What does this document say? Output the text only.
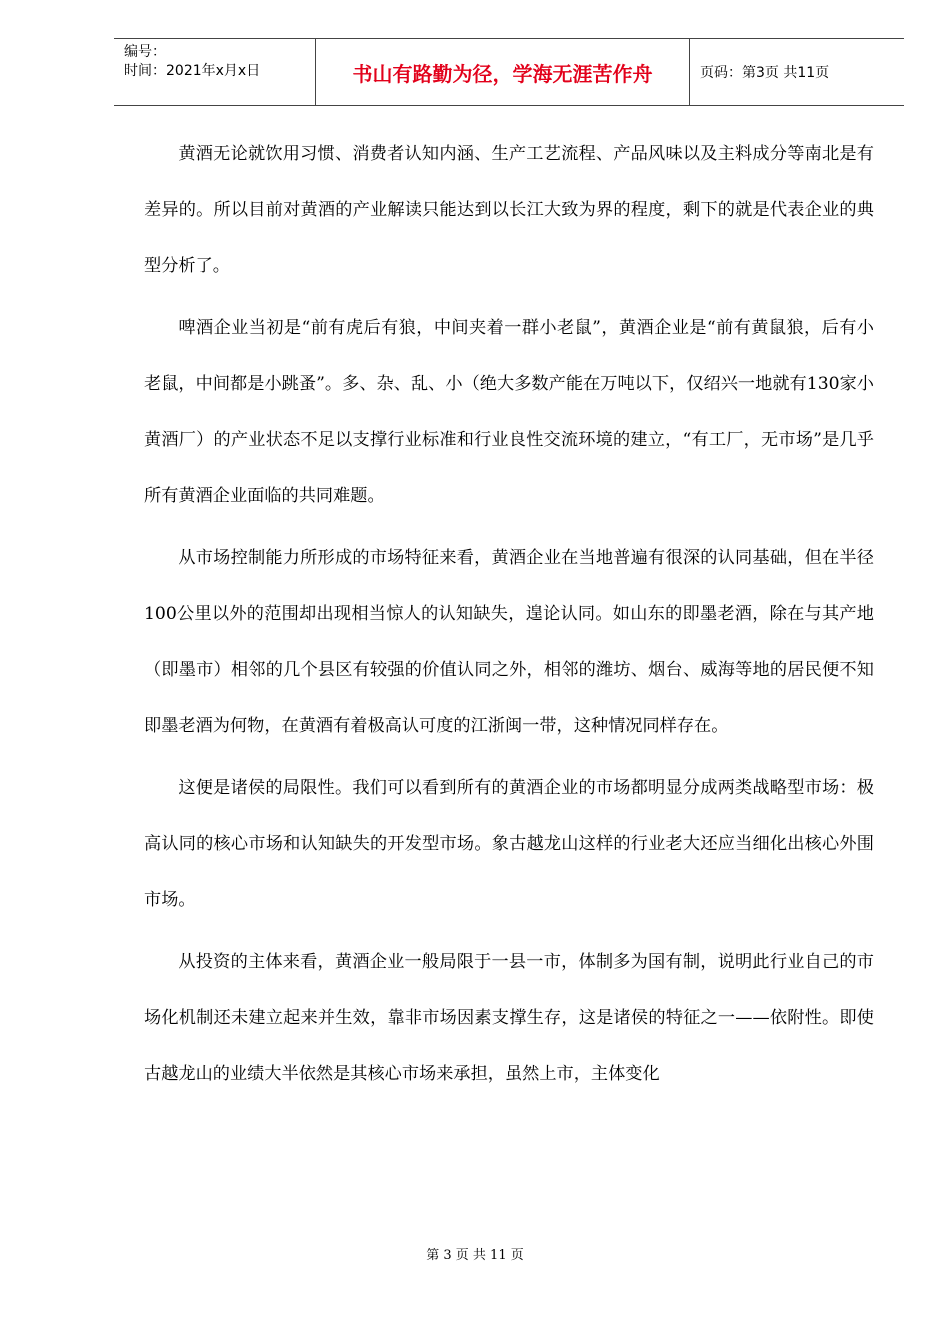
编号：
时间：2021年x月x日	书山有路勤为径，学海无涯苦作舟	页码：第3页 共11页

黄酒无论就饮用习惯、消费者认知内涵、生产工艺流程、产品风味以及主料成分等南北是有差异的。所以目前对黄酒的产业解读只能达到以长江大致为界的程度，剩下的就是代表企业的典型分析了。

啤酒企业当初是“前有虎后有狼，中间夹着一群小老鼠”，黄酒企业是“前有黄鼠狼，后有小老鼠，中间都是小跳蚤”。多、杂、乱、小（绝大多数产能在万吨以下，仅绍兴一地就有130家小黄酒厂）的产业状态不足以支撑行业标准和行业良性交流环境的建立，“有工厂，无市场”是几乎所有黄酒企业面临的共同难题。

从市场控制能力所形成的市场特征来看，黄酒企业在当地普遍有很深的认同基础，但在半径100公里以外的范围却出现相当惊人的认知缺失，遑论认同。如山东的即墨老酒，除在与其产地（即墨市）相邻的几个县区有较强的价值认同之外，相邻的潍坊、烟台、威海等地的居民便不知即墨老酒为何物，在黄酒有着极高认可度的江浙闽一带，这种情况同样存在。

这便是诸侯的局限性。我们可以看到所有的黄酒企业的市场都明显分成两类战略型市场：极高认同的核心市场和认知缺失的开发型市场。象古越龙山这样的行业老大还应当细化出核心外围市场。

从投资的主体来看，黄酒企业一般局限于一县一市，体制多为国有制，说明此行业自己的市场化机制还未建立起来并生效，靠非市场因素支撑生存，这是诸侯的特征之一——依附性。即使古越龙山的业绩大半依然是其核心市场来承担，虽然上市，主体变化

第 3 页 共 11 页
